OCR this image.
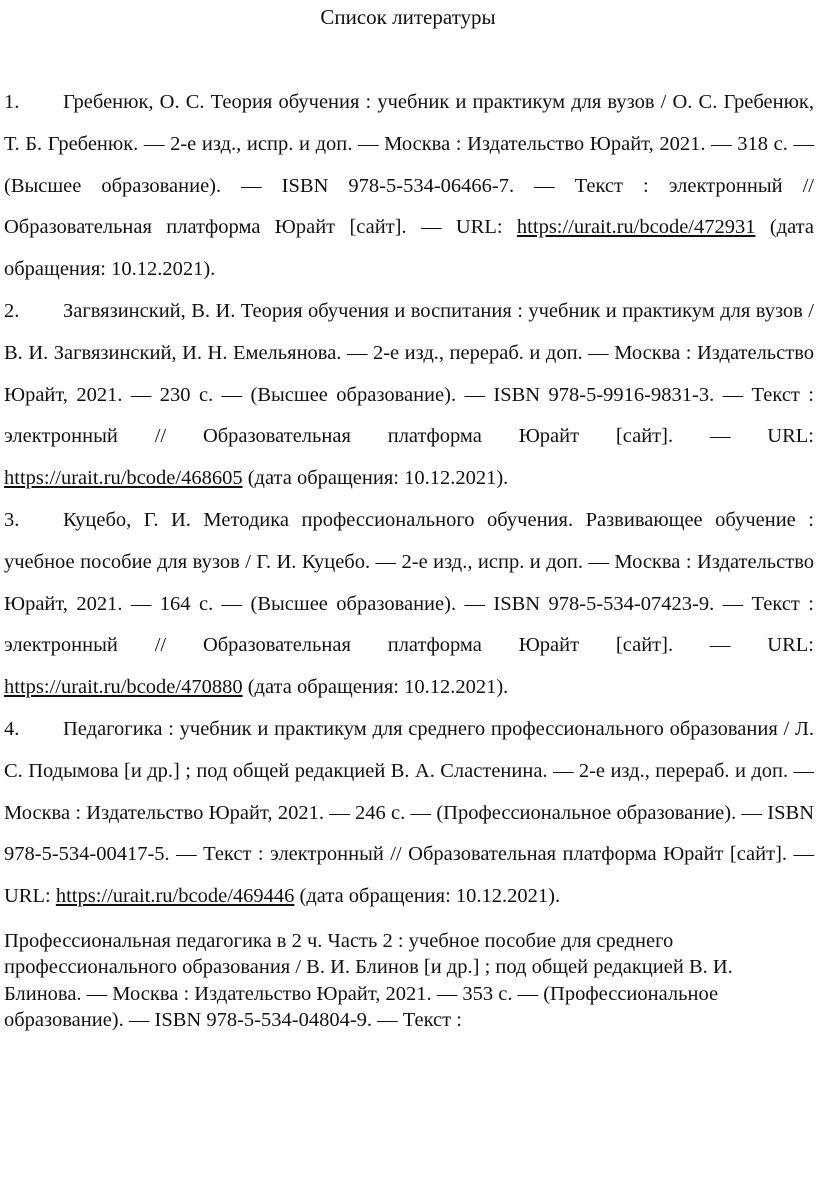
Список литературы

1. Гребенюк, О. С. Теория обучения : учебник и практикум для вузов / О. С. Гребенюк, Т. Б. Гребенюк. — 2-е изд., испр. и доп. — Москва : Издательство Юрайт, 2021. — 318 с. — (Высшее образование). — ISBN 978-5-534-06466-7. — Текст : электронный // Образовательная платформа Юрайт [сайт]. — URL: https://urait.ru/bcode/472931 (дата обращения: 10.12.2021).

2. Загвязинский, В. И. Теория обучения и воспитания : учебник и практикум для вузов / В. И. Загвязинский, И. Н. Емельянова. — 2-е изд., перераб. и доп. — Москва : Издательство Юрайт, 2021. — 230 с. — (Высшее образование). — ISBN 978-5-9916-9831-3. — Текст : электронный // Образовательная платформа Юрайт [сайт]. — URL: https://urait.ru/bcode/468605 (дата обращения: 10.12.2021).

3. Куцебо, Г. И. Методика профессионального обучения. Развивающее обучение : учебное пособие для вузов / Г. И. Куцебо. — 2-е изд., испр. и доп. — Москва : Издательство Юрайт, 2021. — 164 с. — (Высшее образование). — ISBN 978-5-534-07423-9. — Текст : электронный // Образовательная платформа Юрайт [сайт]. — URL: https://urait.ru/bcode/470880 (дата обращения: 10.12.2021).

4. Педагогика : учебник и практикум для среднего профессионального образования / Л. С. Подымова [и др.] ; под общей редакцией В. А. Сластенина. — 2-е изд., перераб. и доп. — Москва : Издательство Юрайт, 2021. — 246 с. — (Профессиональное образование). — ISBN 978-5-534-00417-5. — Текст : электронный // Образовательная платформа Юрайт [сайт]. — URL: https://urait.ru/bcode/469446 (дата обращения: 10.12.2021).

Профессиональная педагогика в 2 ч. Часть 2 : учебное пособие для среднего профессионального образования / В. И. Блинов [и др.] ; под общей редакцией В. И. Блинова. — Москва : Издательство Юрайт, 2021. — 353 с. — (Профессиональное образование). — ISBN 978-5-534-04804-9. — Текст :
